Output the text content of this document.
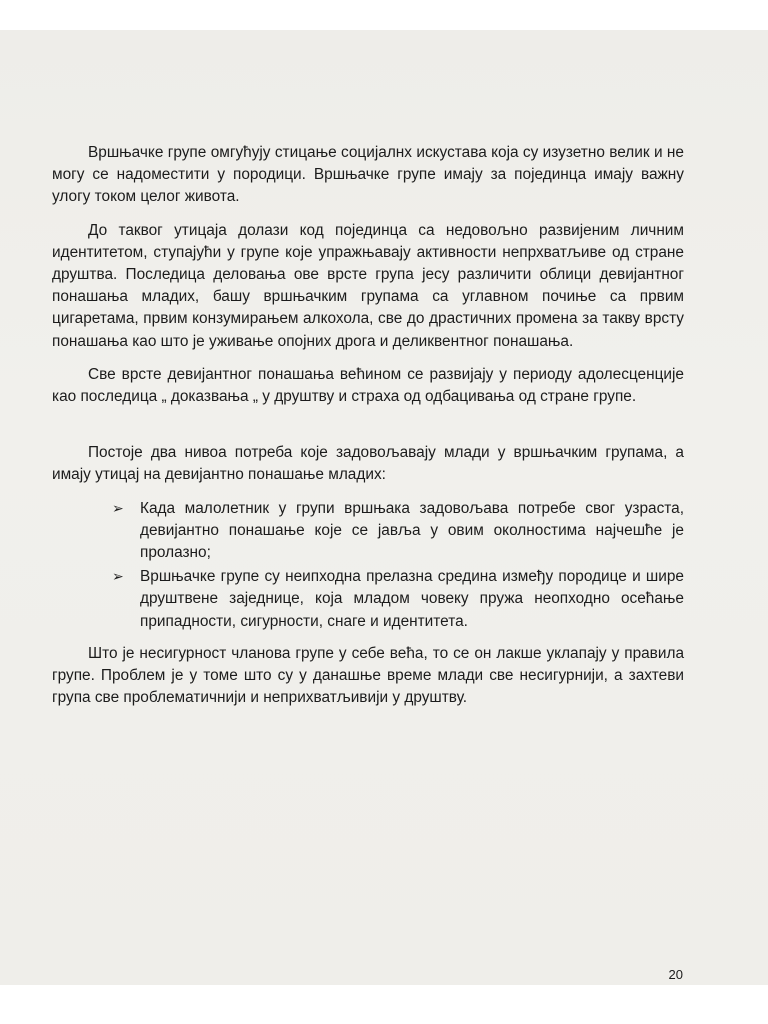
Вршњачке групе омгућују стицање социјалнх искустава која су изузетно велик и не могу се надоместити у породици. Вршњачке групе имају за појединца имају важну улогу током целог живота.

До таквог утицаја долази код појединца са недовољно развијеним личним идентитетом, ступајући у групе које упражњавају активности непрхватљиве од стране друштва. Последица деловања ове врсте група јесу различити облици девијантног понашања младих, башу вршњачким групама са углавном почиње са првим цигаретама, првим конзумирањем алкохола, све до драстичних промена за такву врсту понашања као што је уживање опојних дрога и деликвентног понашања.

Све врсте девијантног понашања већином се развијају у периоду адолесценције као последица „ доказвања „ у друштву и страха од одбацивања од стране групе.

Постоје два нивоа потреба које задовољавају млади у вршњачким групама, а имају утицај на девијантно понашање младих:

➢ Када малолетник у групи вршњака задовољава потребе свог узраста, девијантно понашање које се јавља у овим околностима најчешће је пролазно;
➢ Вршњачке групе су неипходна прелазна средина између породице и шире друштвене заједнице, која младом човеку пружа неопходно осећање припадности, сигурности, снаге и идентитета.

Што је несигурност чланова групе у себе већа, то се он лакше уклапају у правила групе. Проблем је у томе што су у данашње време млади све несигурнији, а захтеви група све проблематичнији и неприхватљивији у друштву.

20
